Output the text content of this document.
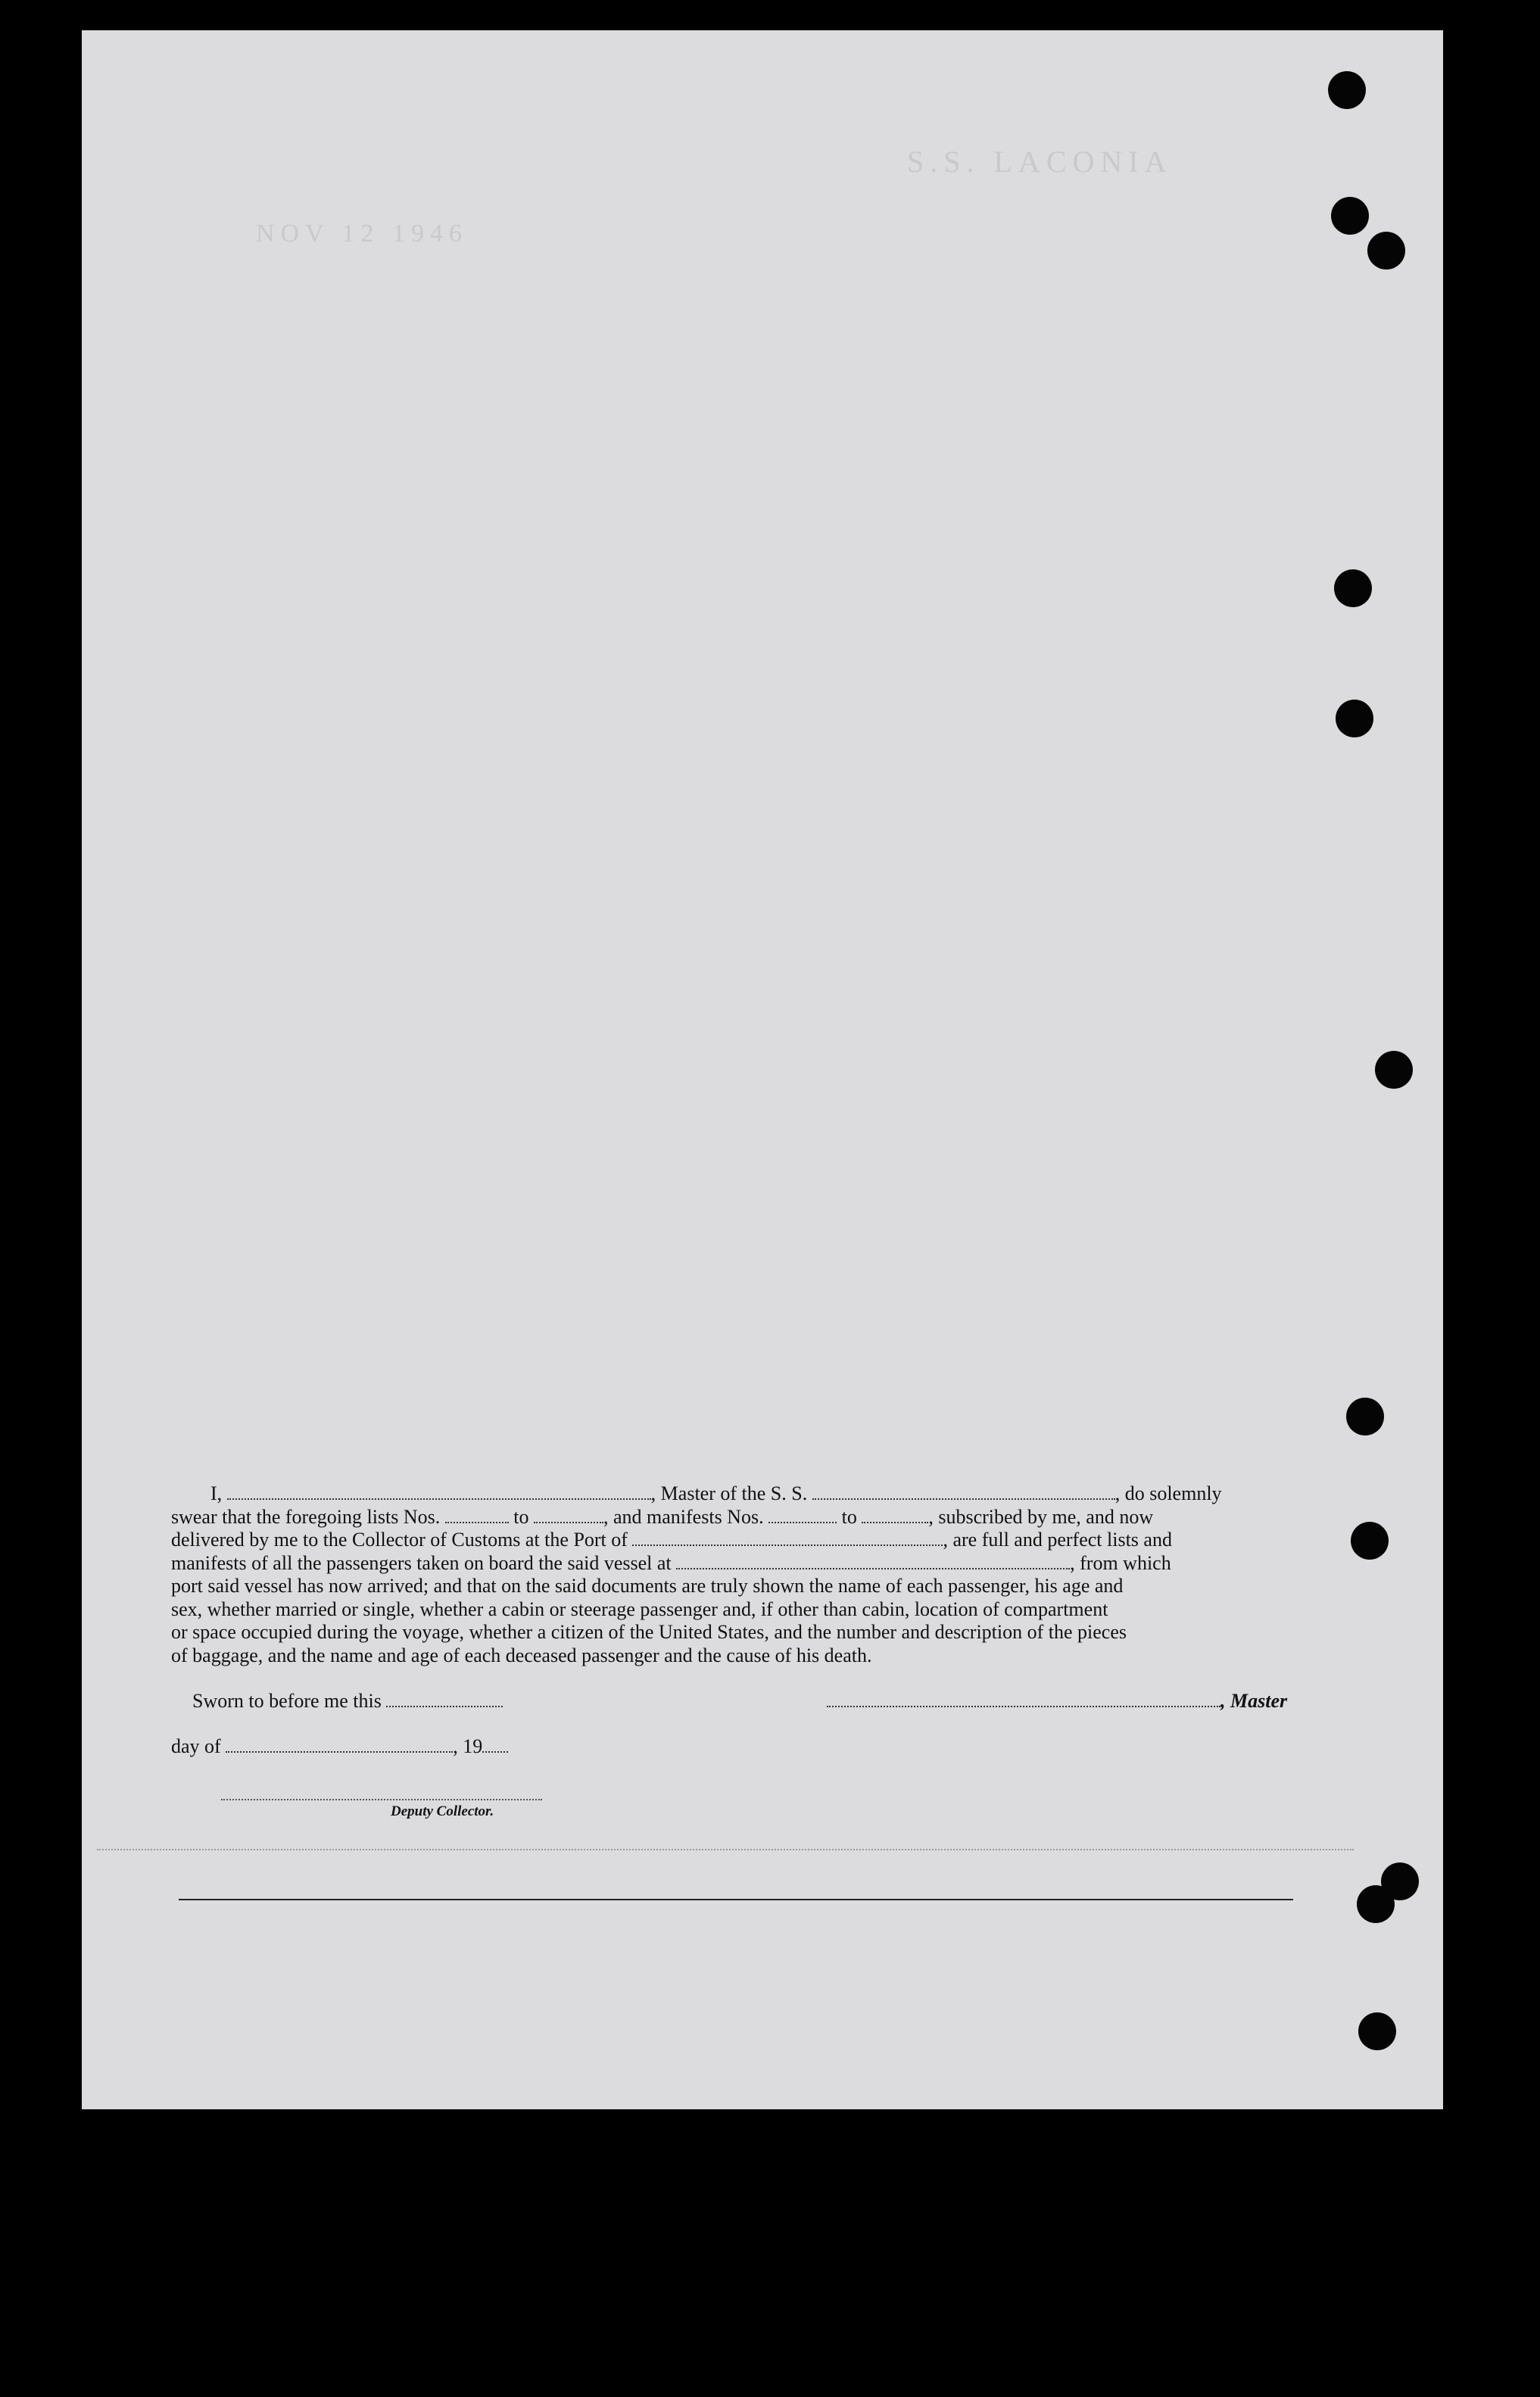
S.S. LACONIA
NOV 12 1946
I,	, Master of the S. S.	, do solemnly
swear that the foregoing lists Nos.	to	, and manifests Nos.	to	, subscribed by me, and now
delivered by me to the Collector of Customs at the Port of	, are full and perfect lists and
manifests of all the passengers taken on board the said vessel at	, from which
port said vessel has now arrived; and that on the said documents are truly shown the name of each passenger, his age and
sex, whether married or single, whether a cabin or steerage passenger and, if other than cabin, location of compartment
or space occupied during the voyage, whether a citizen of the United States, and the number and description of the pieces
of baggage, and the name and age of each deceased passenger and the cause of his death.
Sworn to before me this	, Master
day of	, 19
Deputy Collector.
